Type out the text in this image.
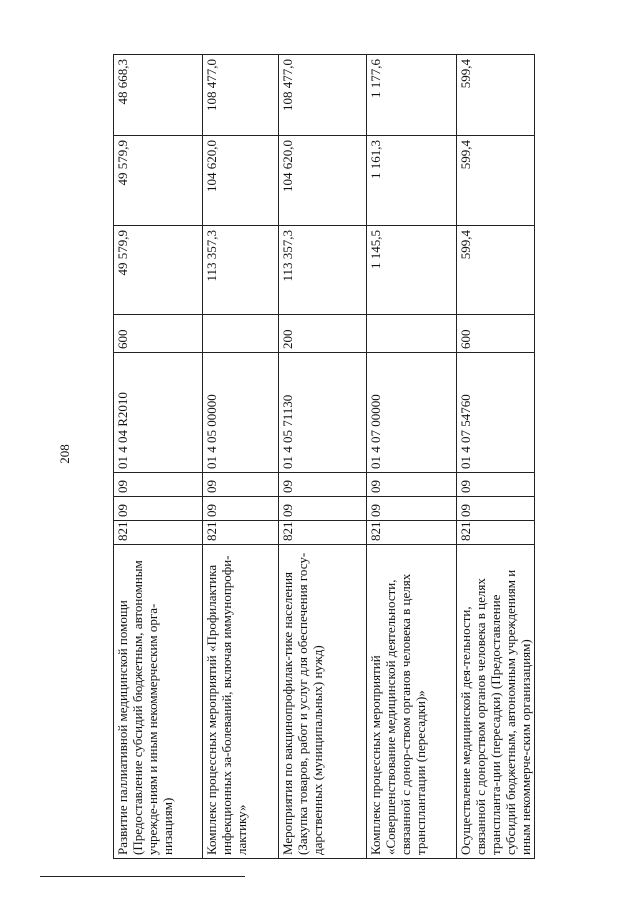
208
Развитие паллиативной медицинской помощи (Предоставление субсидий бюджетным, автономным учрежде-ниям и иным некоммерческим орга-низациям)	821	09	09	01 4 04 R2010	600	49 579,9	49 579,9	48 668,3
Комплекс процессных мероприятий «Профилактика инфекционных за-болеваний, включая иммунопрофи-лактику»	821	09	09	01 4 05 00000		113 357,3	104 620,0	108 477,0
Мероприятия по вакцинопрофилак-тике населения (Закупка товаров, работ и услуг для обеспечения госу-дарственных (муниципальных) нужд)	821	09	09	01 4 05 71130	200	113 357,3	104 620,0	108 477,0
Комплекс процессных мероприятий «Совершенствование медицинской деятельности, связанной с донор-ством органов человека в целях трансплантации (пересадки)»	821	09	09	01 4 07 00000		1 145,5	1 161,3	1 177,6
Осуществление медицинской дея-тельности, связанной с донорством органов человека в целях транспланта-ции (пересадки) (Предоставление субсидий бюджетным, автономным учреждениям и иным некоммерче-ским организациям)	821	09	09	01 4 07 54760	600	599,4	599,4	599,4
